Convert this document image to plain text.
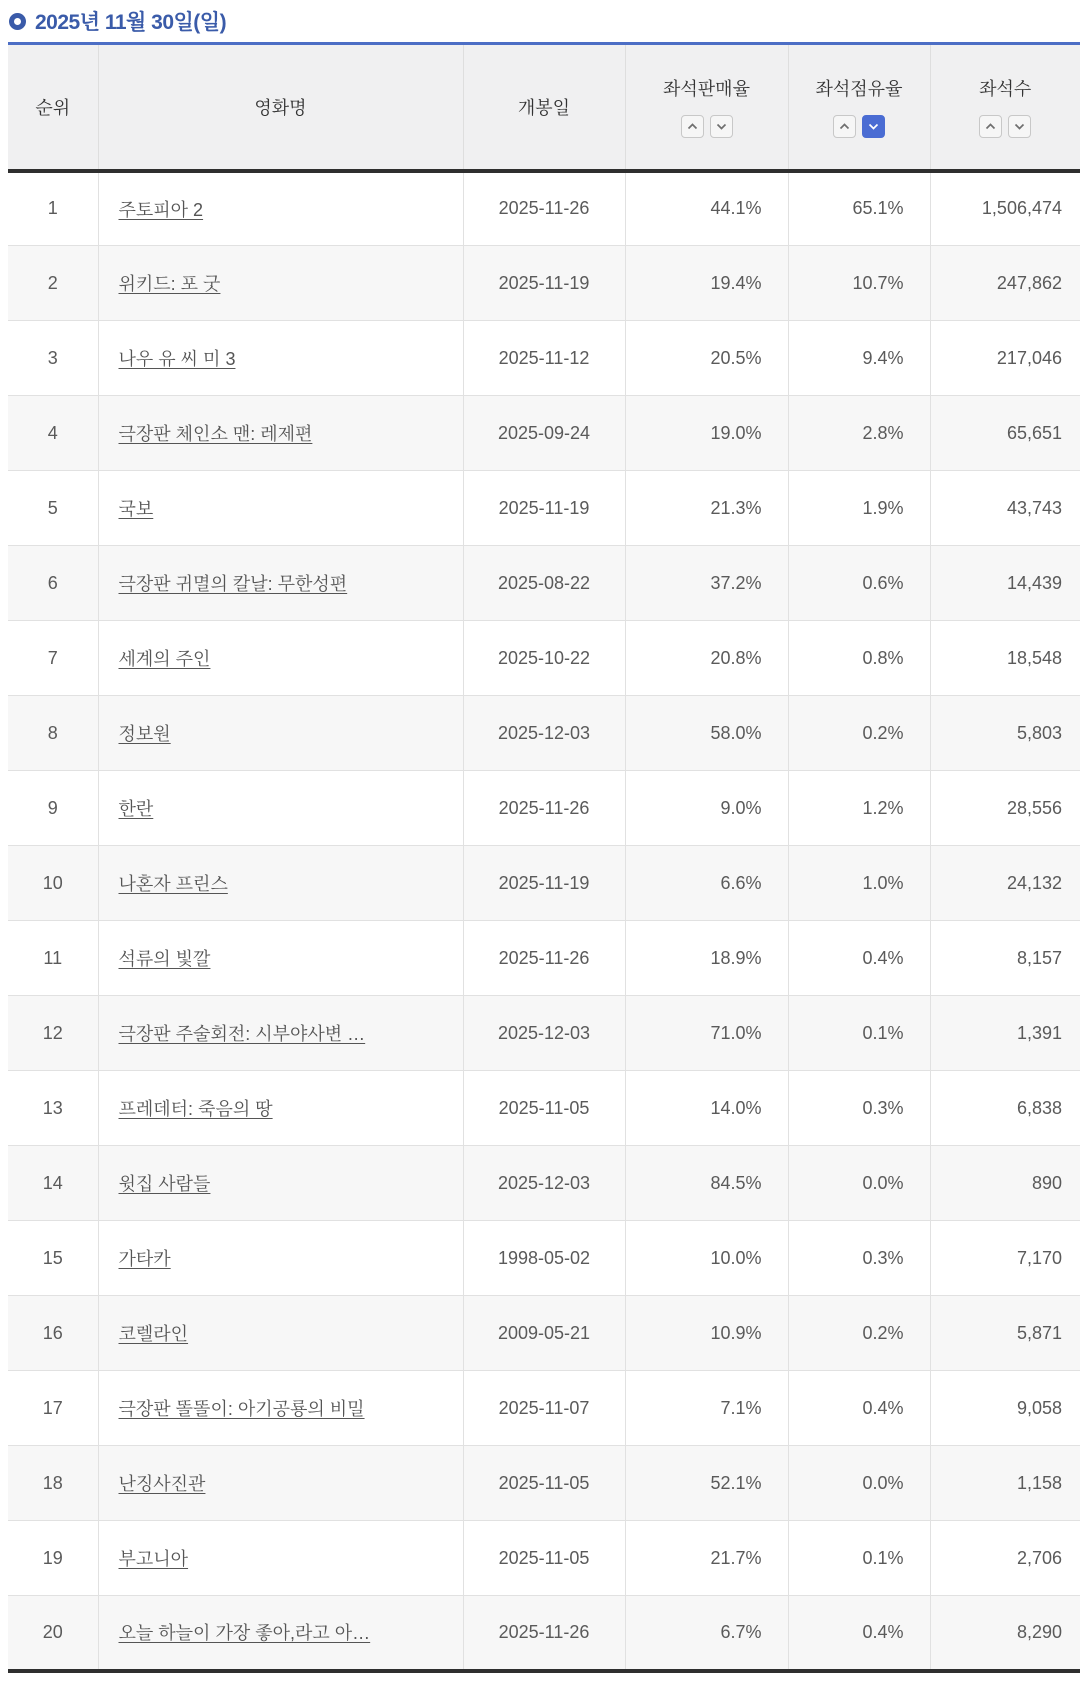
2025년 11월 30일(일)
순위	영화명	개봉일	좌석판매율	좌석점유율	좌석수

1	주토피아 2	2025-11-26	44.1%	65.1%	1,506,474
2	위키드: 포 굿	2025-11-19	19.4%	10.7%	247,862
3	나우 유 씨 미 3	2025-11-12	20.5%	9.4%	217,046
4	극장판 체인소 맨: 레제편	2025-09-24	19.0%	2.8%	65,651
5	국보	2025-11-19	21.3%	1.9%	43,743
6	극장판 귀멸의 칼날: 무한성편	2025-08-22	37.2%	0.6%	14,439
7	세계의 주인	2025-10-22	20.8%	0.8%	18,548
8	정보원	2025-12-03	58.0%	0.2%	5,803
9	한란	2025-11-26	9.0%	1.2%	28,556
10	나혼자 프린스	2025-11-19	6.6%	1.0%	24,132
11	석류의 빛깔	2025-11-26	18.9%	0.4%	8,157
12	극장판 주술회전: 시부야사변 …	2025-12-03	71.0%	0.1%	1,391
13	프레데터: 죽음의 땅	2025-11-05	14.0%	0.3%	6,838
14	윗집 사람들	2025-12-03	84.5%	0.0%	890
15	가타카	1998-05-02	10.0%	0.3%	7,170
16	코렐라인	2009-05-21	10.9%	0.2%	5,871
17	극장판 똘똘이: 아기공룡의 비밀	2025-11-07	7.1%	0.4%	9,058
18	난징사진관	2025-11-05	52.1%	0.0%	1,158
19	부고니아	2025-11-05	21.7%	0.1%	2,706
20	오늘 하늘이 가장 좋아,라고 아…	2025-11-26	6.7%	0.4%	8,290
